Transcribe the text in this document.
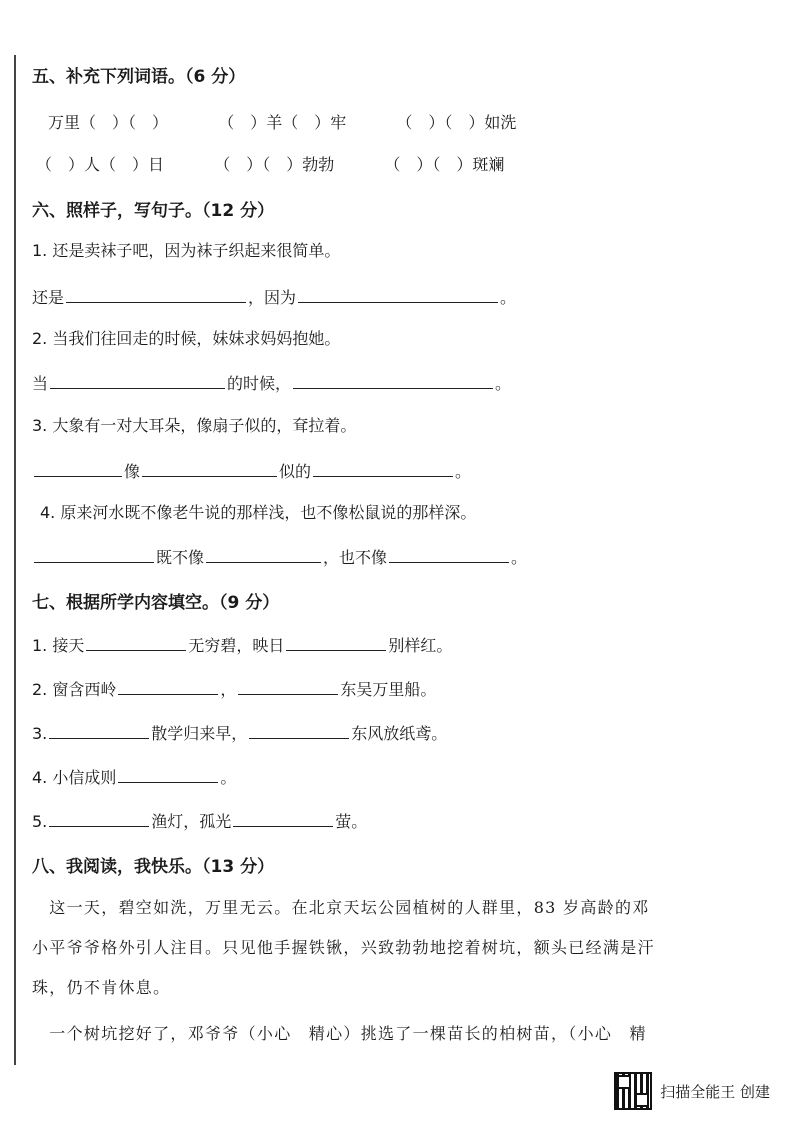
五、补充下列词语。（6 分）
万里（　）（　）	（　）羊（　）牢	（　）（　）如洗
（　）人（　）日	（　）（　）勃勃	（　）（　）斑斓
六、照样子，写句子。（12 分）
1. 还是卖袜子吧，因为袜子织起来很简单。
还是	，因为	。
2. 当我们往回走的时候，妹妹求妈妈抱她。
当	的时候，	。
3. 大象有一对大耳朵，像扇子似的，耷拉着。
像	似的	。
4. 原来河水既不像老牛说的那样浅，也不像松鼠说的那样深。
既不像	，也不像	。
七、根据所学内容填空。（9 分）
1. 接天	无穷碧，映日	别样红。
2. 窗含西岭	，	东吴万里船。
3.	散学归来早，	东风放纸鸢。
4. 小信成则	。
5.	渔灯，孤光	萤。
八、我阅读，我快乐。（13 分）
　这一天，碧空如洗，万里无云。在北京天坛公园植树的人群里，83 岁高龄的邓
小平爷爷格外引人注目。只见他手握铁锹，兴致勃勃地挖着树坑，额头已经满是汗
珠，仍不肯休息。
　一个树坑挖好了，邓爷爷（小心　精心）挑选了一棵苗长的柏树苗，（小心　精
扫描全能王 创建
